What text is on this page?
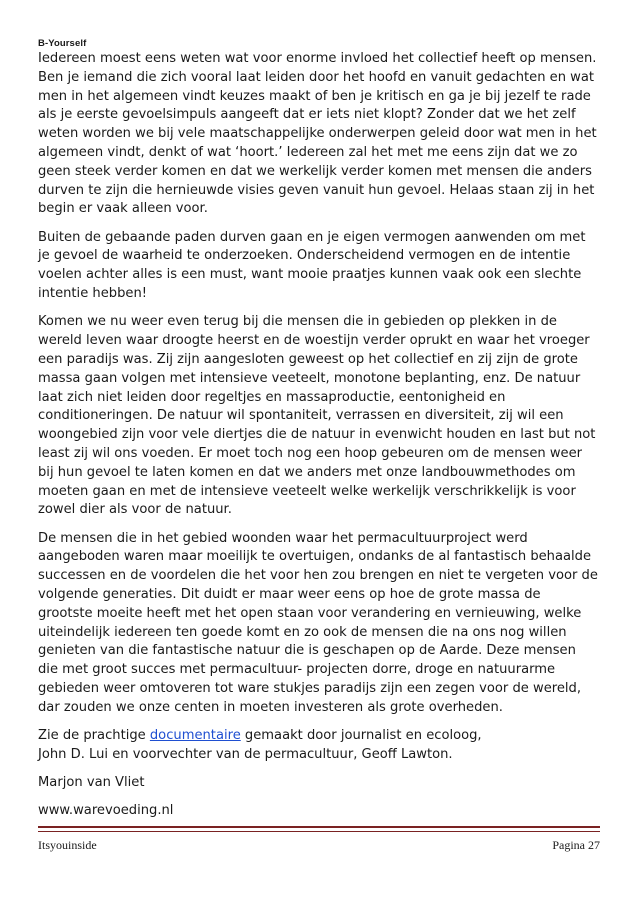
B-Yourself

Iedereen moest eens weten wat voor enorme invloed het collectief heeft op mensen. Ben je iemand die zich vooral laat leiden door het hoofd en vanuit gedachten en wat men in het algemeen vindt keuzes maakt of ben je kritisch en ga je bij jezelf te rade als je eerste gevoelsimpuls aangeeft dat er iets niet klopt? Zonder dat we het zelf weten worden we bij vele maatschappelijke onderwerpen geleid door wat men in het algemeen vindt, denkt of wat ‘hoort.’ Iedereen zal het met me eens zijn dat we zo geen steek verder komen en dat we werkelijk verder komen met mensen die anders durven te zijn die hernieuwde visies geven vanuit hun gevoel. Helaas staan zij in het begin er vaak alleen voor.

Buiten de gebaande paden durven gaan en je eigen vermogen aanwenden om met je gevoel de waarheid te onderzoeken. Onderscheidend vermogen en de intentie voelen achter alles is een must, want mooie praatjes kunnen vaak ook een slechte intentie hebben!

Komen we nu weer even terug bij die mensen die in gebieden op plekken in de wereld leven waar droogte heerst en de woestijn verder oprukt en waar het vroeger een paradijs was. Zij zijn aangesloten geweest op het collectief en zij zijn de grote massa gaan volgen met intensieve veeteelt, monotone beplanting, enz. De natuur laat zich niet leiden door regeltjes en massaproductie, eentonigheid en conditioneringen. De natuur wil spontaniteit, verrassen en diversiteit, zij wil een woongebied zijn voor vele diertjes die de natuur in evenwicht houden en last but not least zij wil ons voeden. Er moet toch nog een hoop gebeuren om de mensen weer bij hun gevoel te laten komen en dat we anders met onze landbouwmethodes om moeten gaan en met de intensieve veeteelt welke werkelijk verschrikkelijk is voor zowel dier als voor de natuur.

De mensen die in het gebied woonden waar het permacultuurproject werd aangeboden waren maar moeilijk te overtuigen, ondanks de al fantastisch behaalde successen en de voordelen die het voor hen zou brengen en niet te vergeten voor de volgende generaties. Dit duidt er maar weer eens op hoe de grote massa de grootste moeite heeft met het open staan voor verandering en vernieuwing, welke uiteindelijk iedereen ten goede komt en zo ook de mensen die na ons nog willen genieten van die fantastische natuur die is geschapen op de Aarde. Deze mensen die met groot succes met permacultuur- projecten dorre, droge en natuurarme gebieden weer omtoveren tot ware stukjes paradijs zijn een zegen voor de wereld, dar zouden we onze centen in moeten investeren als grote overheden.

Zie de prachtige documentaire gemaakt door journalist en ecoloog,
John D. Lui en voorvechter van de permacultuur, Geoff Lawton.

Marjon van Vliet

www.warevoeding.nl

Itsyouinside	Pagina 27
